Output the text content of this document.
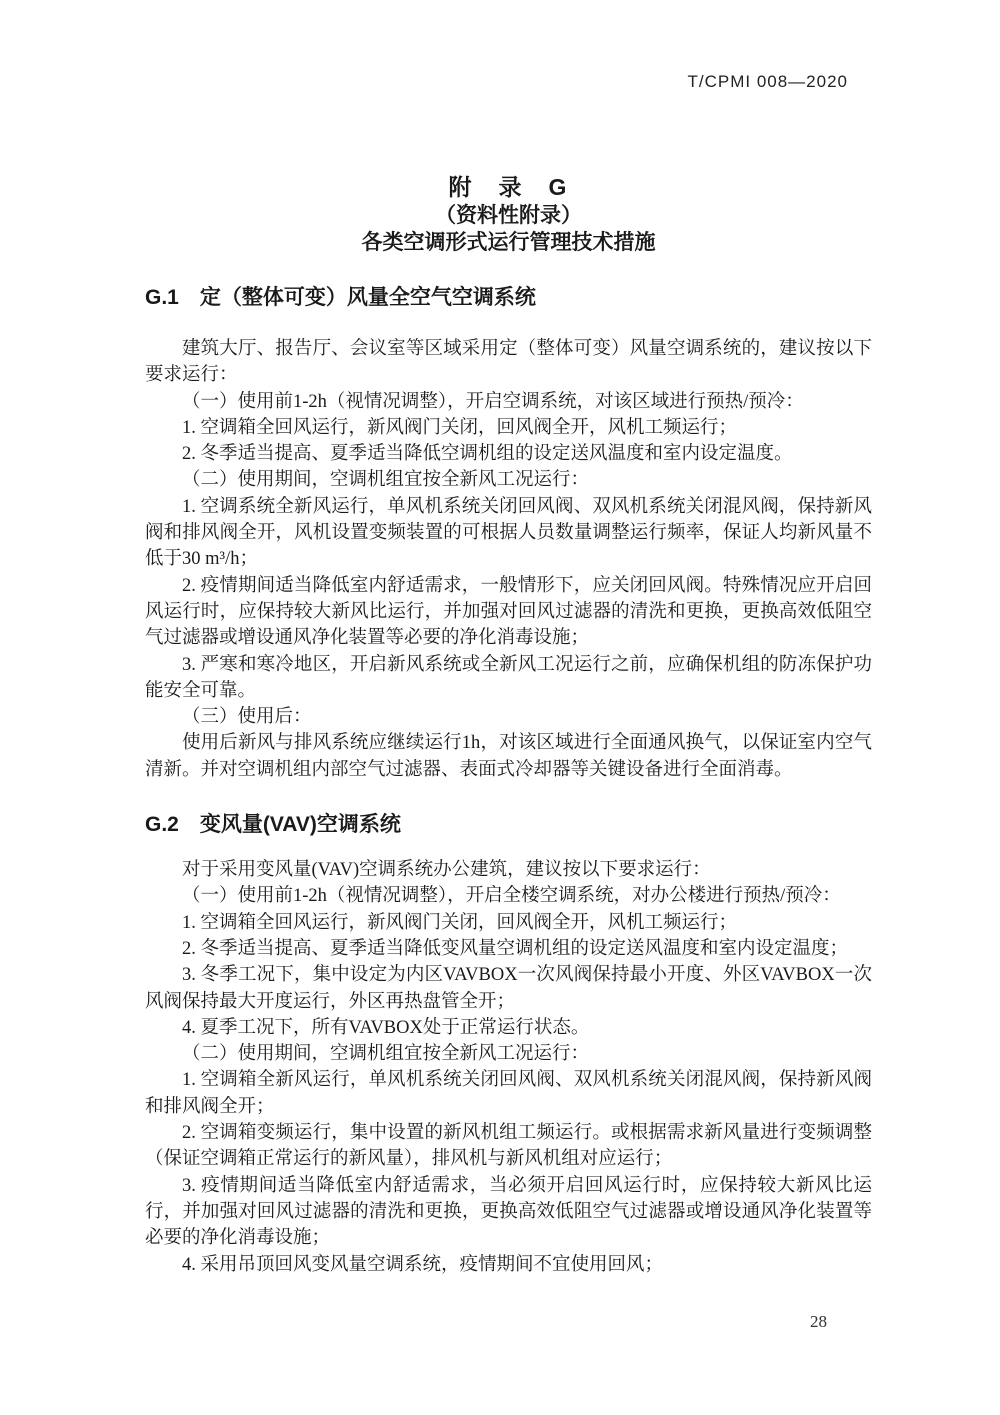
T/CPMI 008—2020
附　录　G
（资料性附录）
各类空调形式运行管理技术措施
G.1　定（整体可变）风量全空气空调系统

建筑大厅、报告厅、会议室等区域采用定（整体可变）风量空调系统的，建议按以下要求运行：

（一）使用前1-2h（视情况调整），开启空调系统，对该区域进行预热/预冷：

1. 空调箱全回风运行，新风阀门关闭，回风阀全开，风机工频运行；

2. 冬季适当提高、夏季适当降低空调机组的设定送风温度和室内设定温度。

（二）使用期间，空调机组宜按全新风工况运行：

1. 空调系统全新风运行，单风机系统关闭回风阀、双风机系统关闭混风阀，保持新风阀和排风阀全开，风机设置变频装置的可根据人员数量调整运行频率，保证人均新风量不低于30 m³/h；

2. 疫情期间适当降低室内舒适需求，一般情形下，应关闭回风阀。特殊情况应开启回风运行时，应保持较大新风比运行，并加强对回风过滤器的清洗和更换，更换高效低阻空气过滤器或增设通风净化装置等必要的净化消毒设施；

3. 严寒和寒冷地区，开启新风系统或全新风工况运行之前，应确保机组的防冻保护功能安全可靠。

（三）使用后：

使用后新风与排风系统应继续运行1h，对该区域进行全面通风换气，以保证室内空气清新。并对空调机组内部空气过滤器、表面式冷却器等关键设备进行全面消毒。

G.2　变风量(VAV)空调系统

对于采用变风量(VAV)空调系统办公建筑，建议按以下要求运行：

（一）使用前1-2h（视情况调整），开启全楼空调系统，对办公楼进行预热/预冷：

1. 空调箱全回风运行，新风阀门关闭，回风阀全开，风机工频运行；

2. 冬季适当提高、夏季适当降低变风量空调机组的设定送风温度和室内设定温度；

3. 冬季工况下，集中设定为内区VAVBOX一次风阀保持最小开度、外区VAVBOX一次风阀保持最大开度运行，外区再热盘管全开；

4. 夏季工况下，所有VAVBOX处于正常运行状态。

（二）使用期间，空调机组宜按全新风工况运行：

1. 空调箱全新风运行，单风机系统关闭回风阀、双风机系统关闭混风阀，保持新风阀和排风阀全开；

2. 空调箱变频运行，集中设置的新风机组工频运行。或根据需求新风量进行变频调整（保证空调箱正常运行的新风量），排风机与新风机组对应运行；

3. 疫情期间适当降低室内舒适需求，当必须开启回风运行时，应保持较大新风比运行，并加强对回风过滤器的清洗和更换，更换高效低阻空气过滤器或增设通风净化装置等必要的净化消毒设施；

4. 采用吊顶回风变风量空调系统，疫情期间不宜使用回风；

28
